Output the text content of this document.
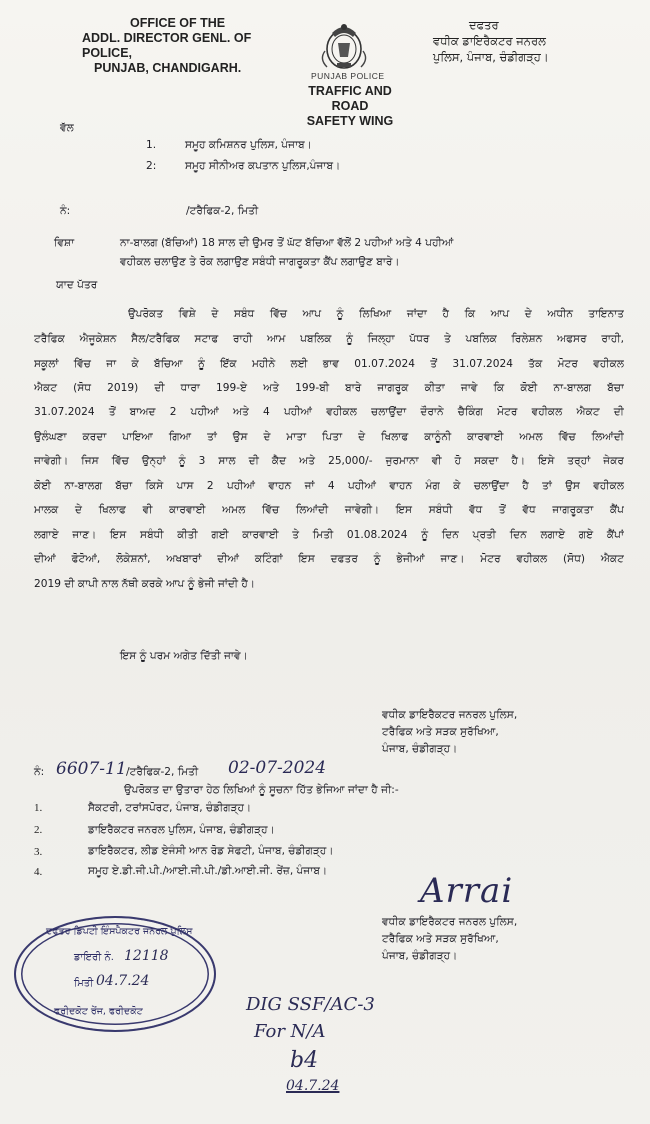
OFFICE OF THE
ADDL. DIRECTOR GENL. OF POLICE,
PUNJAB, CHANDIGARH.
PUNJAB POLICE
TRAFFIC AND ROAD
SAFETY WING
ਦਫਤਰ
ਵਧੀਕ ਡਾਇਰੈਕਟਰ ਜਨਰਲ
ਪੁਲਿਸ, ਪੰਜਾਬ, ਚੰਡੀਗੜ੍ਹ।
ਵੱਲ
1.	ਸਮੂਹ ਕਮਿਸ਼ਨਰ ਪੁਲਿਸ, ਪੰਜਾਬ।
2:	ਸਮੂਹ ਸੀਨੀਅਰ ਕਪਤਾਨ ਪੁਲਿਸ,ਪੰਜਾਬ।
ਨੰ:	/ਟਰੈਫਿਕ-2, ਮਿਤੀ
ਵਿਸ਼ਾ	ਨਾ-ਬਾਲਗ (ਬੱਚਿਆਂ) 18 ਸਾਲ ਦੀ ਉਮਰ ਤੋਂ ਘੱਟ ਬੱਚਿਆ ਵੱਲੋਂ 2 ਪਹੀਆਂ ਅਤੇ 4 ਪਹੀਆਂ
ਵਹੀਕਲ ਚਲਾਉਣ ਤੇ ਰੋਕ ਲਗਾਉਣ ਸਬੰਧੀ ਜਾਗਰੂਕਤਾ ਕੈਂਪ ਲਗਾਉਣ ਬਾਰੇ।
ਯਾਦ ਪੱਤਰ
ਉਪਰੋਕਤ ਵਿਸ਼ੇ ਦੇ ਸਬੰਧ ਵਿੱਚ ਆਪ ਨੂੰ ਲਿਖਿਆ ਜਾਂਦਾ ਹੈ ਕਿ ਆਪ ਦੇ ਅਧੀਨ ਤਾਇਨਾਤ
ਟਰੈਫਿਕ ਐਜੂਕੇਸ਼ਨ ਸੈਲ/ਟਰੈਫਿਕ ਸਟਾਫ ਰਾਹੀ ਆਮ ਪਬਲਿਕ ਨੂੰ ਜਿਲ੍ਹਾ ਪੱਧਰ ਤੇ ਪਬਲਿਕ ਰਿਲੇਸ਼ਨ ਅਫਸਰ ਰਾਹੀ,
ਸਕੂਲਾਂ ਵਿੱਚ ਜਾ ਕੇ ਬੱਚਿਆ ਨੂੰ ਇੱਕ ਮਹੀਨੇ ਲਈ ਭਾਵ 01.07.2024 ਤੋਂ 31.07.2024 ਤੱਕ ਮੋਟਰ ਵਹੀਕਲ
ਐਕਟ (ਸੋਧ 2019) ਦੀ ਧਾਰਾ 199-ਏ ਅਤੇ 199-ਬੀ ਬਾਰੇ ਜਾਗਰੂਕ ਕੀਤਾ ਜਾਵੇ ਕਿ ਕੋਈ ਨਾ-ਬਾਲਗ ਬੱਚਾ
31.07.2024 ਤੋਂ ਬਾਅਦ 2 ਪਹੀਆਂ ਅਤੇ 4 ਪਹੀਆਂ ਵਹੀਕਲ ਚਲਾਉਂਦਾ ਦੌਰਾਨੇ ਚੈਕਿੰਗ ਮੋਟਰ ਵਹੀਕਲ ਐਕਟ ਦੀ
ਉਲੰਘਣਾ ਕਰਦਾ ਪਾਇਆ ਗਿਆ ਤਾਂ ਉਸ ਦੇ ਮਾਤਾ ਪਿਤਾ ਦੇ ਖਿਲਾਫ ਕਾਨੂੰਨੀ ਕਾਰਵਾਈ ਅਮਲ ਵਿੱਚ ਲਿਆਂਦੀ
ਜਾਵੇਗੀ। ਜਿਸ ਵਿੱਚ ਉਨ੍ਹਾਂ ਨੂੰ 3 ਸਾਲ ਦੀ ਕੈਦ ਅਤੇ 25,000/- ਜੁਰਮਾਨਾ ਵੀ ਹੋ ਸਕਦਾ ਹੈ। ਇਸੇ ਤਰ੍ਹਾਂ ਜੇਕਰ
ਕੋਈ ਨਾ-ਬਾਲਗ ਬੱਚਾ ਕਿਸੇ ਪਾਸ 2 ਪਹੀਆਂ ਵਾਹਨ ਜਾਂ 4 ਪਹੀਆਂ ਵਾਹਨ ਮੰਗ ਕੇ ਚਲਾਉਂਦਾ ਹੈ ਤਾਂ ਉਸ ਵਹੀਕਲ
ਮਾਲਕ ਦੇ ਖਿਲਾਫ ਵੀ ਕਾਰਵਾਈ ਅਮਲ ਵਿੱਚ ਲਿਆਂਦੀ ਜਾਵੇਗੀ। ਇਸ ਸਬੰਧੀ ਵੱਧ ਤੋਂ ਵੱਧ ਜਾਗਰੂਕਤਾ ਕੈਂਪ
ਲਗਾਏ ਜਾਣ। ਇਸ ਸਬੰਧੀ ਕੀਤੀ ਗਈ ਕਾਰਵਾਈ ਤੇ ਮਿਤੀ 01.08.2024 ਨੂੰ ਦਿਨ ਪ੍ਰਤੀ ਦਿਨ ਲਗਾਏ ਗਏ ਕੈਂਪਾਂ
ਦੀਆਂ ਫੋਟੋਆਂ, ਲੋਕੇਸ਼ਨਾਂ, ਅਖਬਾਰਾਂ ਦੀਆਂ ਕਟਿੰਗਾਂ ਇਸ ਦਫਤਰ ਨੂੰ ਭੇਜੀਆਂ ਜਾਣ। ਮੋਟਰ ਵਹੀਕਲ (ਸੋਧ) ਐਕਟ
2019 ਦੀ ਕਾਪੀ ਨਾਲ ਨੱਥੀ ਕਰਕੇ ਆਪ ਨੂੰ ਭੇਜੀ ਜਾਂਦੀ ਹੈ।
ਇਸ ਨੂੰ ਪਰਮ ਅਗੇਤ ਦਿੱਤੀ ਜਾਵੇ।
ਵਧੀਕ ਡਾਇਰੈਕਟਰ ਜਨਰਲ ਪੁਲਿਸ,
ਟਰੈਫਿਕ ਅਤੇ ਸੜਕ ਸੁਰੱਖਿਆ,
ਪੰਜਾਬ, ਚੰਡੀਗੜ੍ਹ।
ਨੰ: 6607-11 /ਟਰੈਫਿਕ-2, ਮਿਤੀ 02-07-2024
ਉਪਰੋਕਤ ਦਾ ਉਤਾਰਾ ਹੇਠ ਲਿਖਿਆਂ ਨੂੰ ਸੂਚਨਾ ਹਿੱਤ ਭੇਜਿਆ ਜਾਂਦਾ ਹੈ ਜੀ:-
1.	ਸੈਕਟਰੀ, ਟਰਾਂਸਪੋਰਟ, ਪੰਜਾਬ, ਚੰਡੀਗੜ੍ਹ।
2.	ਡਾਇਰੈਕਟਰ ਜਨਰਲ ਪੁਲਿਸ, ਪੰਜਾਬ, ਚੰਡੀਗੜ੍ਹ।
3.	ਡਾਇਰੈਕਟਰ, ਲੀਡ ਏਜੰਸੀ ਆਨ ਰੋਡ ਸੇਫਟੀ, ਪੰਜਾਬ, ਚੰਡੀਗੜ੍ਹ।
4.	ਸਮੂਹ ਏ.ਡੀ.ਜੀ.ਪੀ./ਆਈ.ਜੀ.ਪੀ./ਡੀ.ਆਈ.ਜੀ. ਰੇਂਜ਼, ਪੰਜਾਬ।	Arrai
ਵਧੀਕ ਡਾਇਰੈਕਟਰ ਜਨਰਲ ਪੁਲਿਸ,
ਟਰੈਫਿਕ ਅਤੇ ਸੜਕ ਸੁਰੱਖਿਆ,
ਪੰਜਾਬ, ਚੰਡੀਗੜ੍ਹ।
ਦਫਤਰ ਡਿਪਟੀ ਇੰਸਪੈਕਟਰ ਜਨਰਲ ਪੁਲਿਸ
ਡਾਇਰੀ ਨੰ. 12118
ਮਿਤੀ 04.7.24
ਫਰੀਦਕੋਟ ਰੇਂਜ, ਫਰੀਦਕੋਟ	DIG SSF/AC-3
For N/A
b4
04.7.24
